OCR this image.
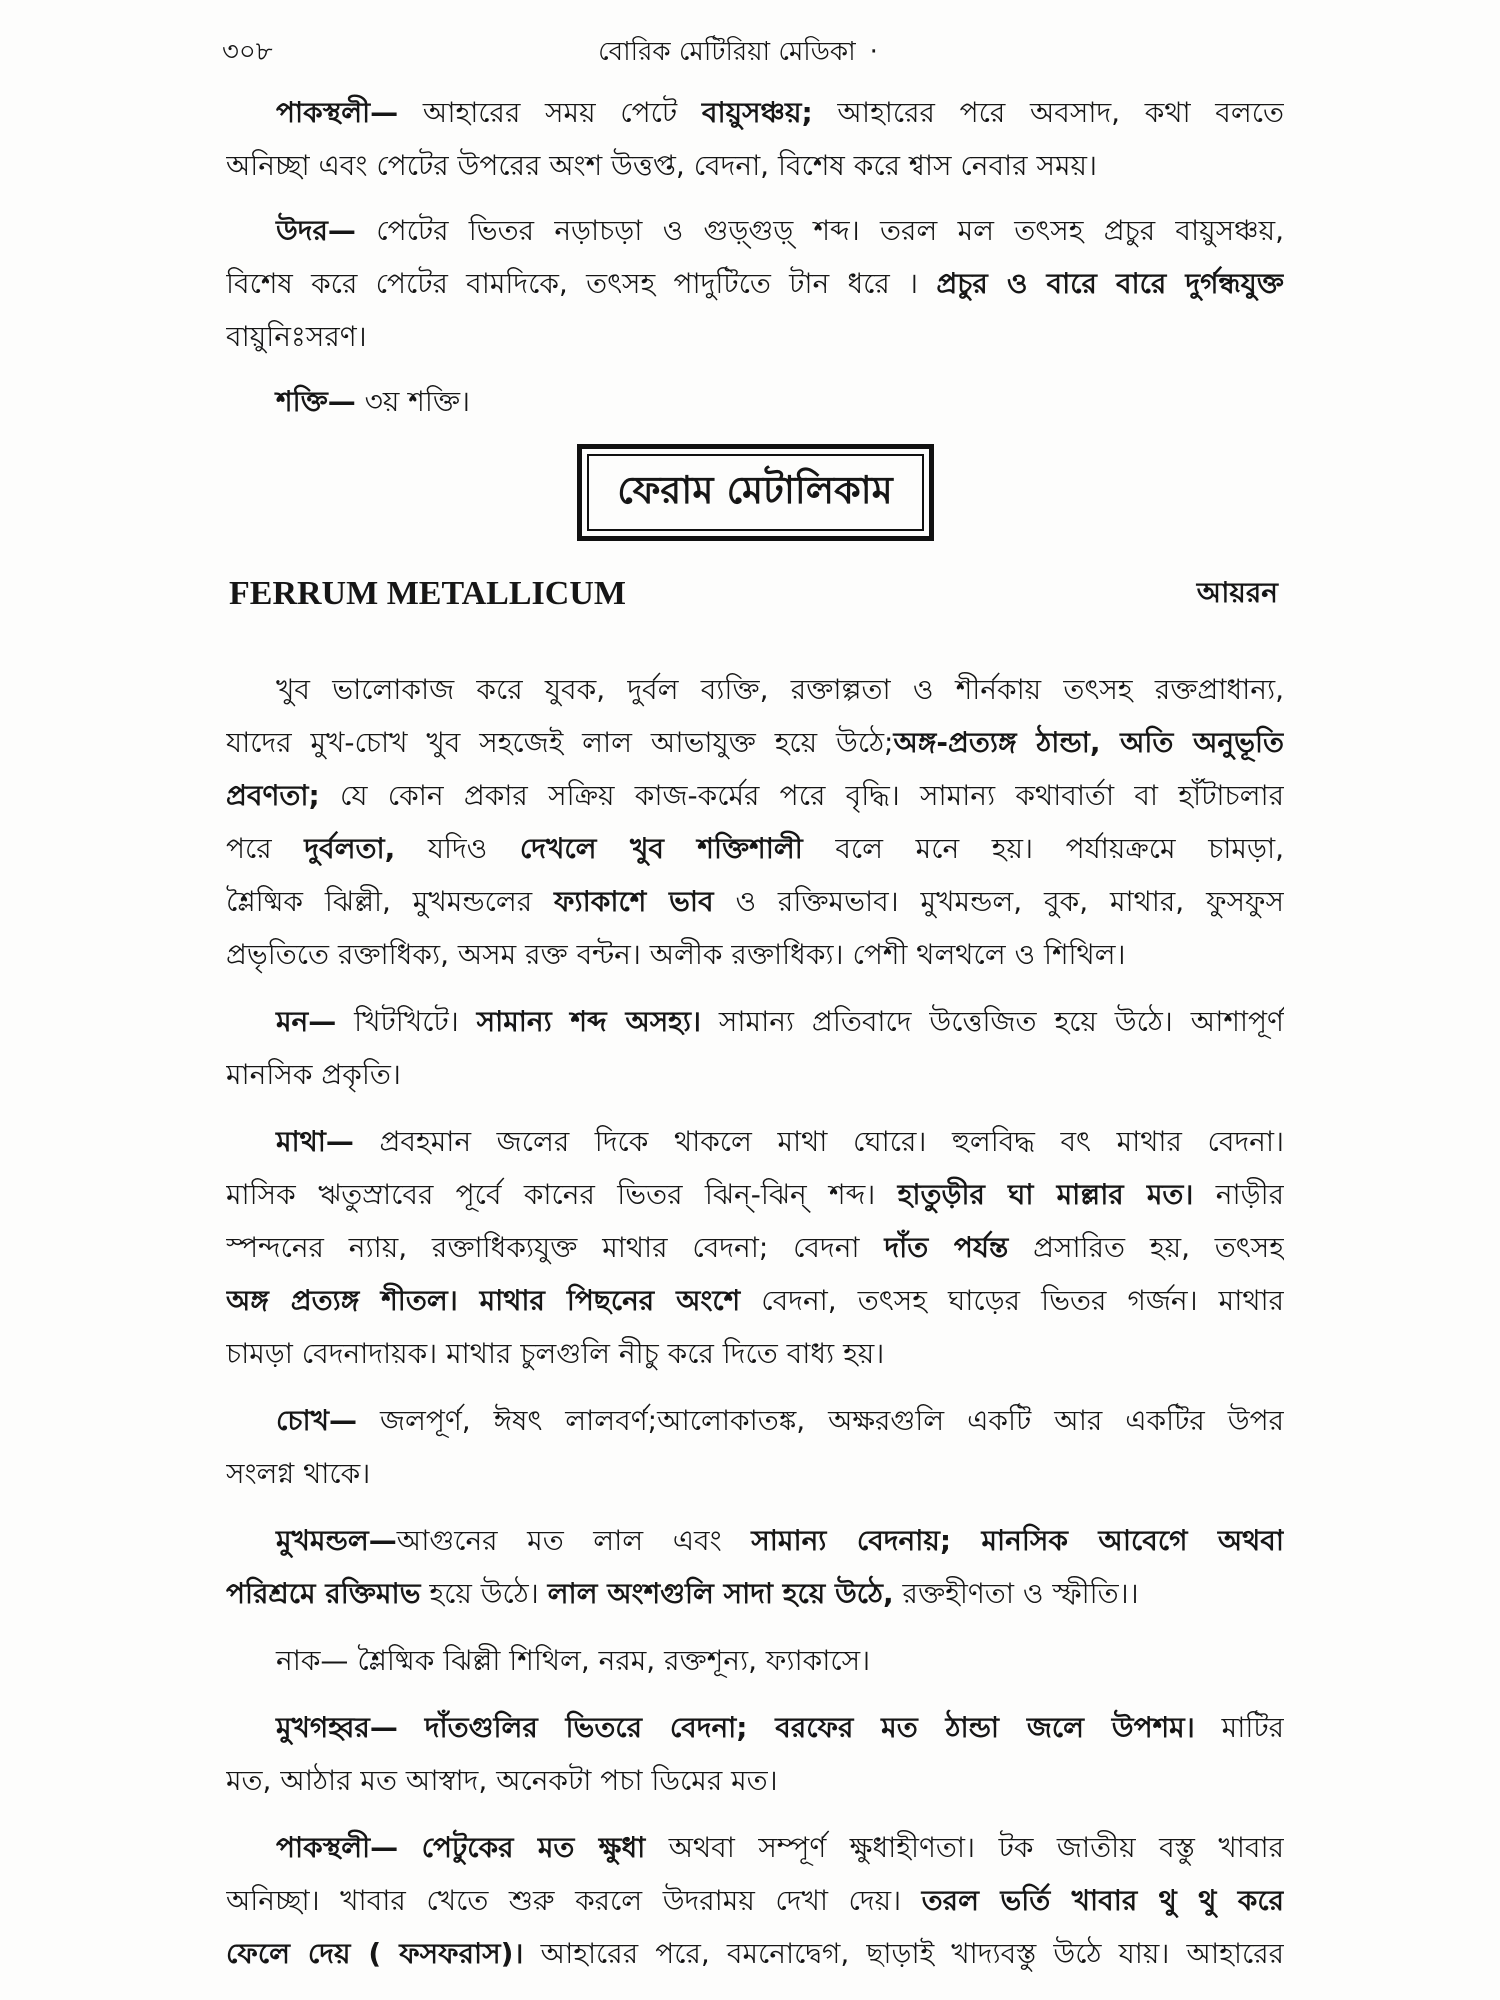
৩০৮	বোরিক মেটিরিয়া মেডিকা ·
পাকস্থলী— আহারের সময় পেটে বায়ুসঞ্চয়; আহারের পরে অবসাদ, কথা বলতে
অনিচ্ছা এবং পেটের উপরের অংশ উত্তপ্ত, বেদনা, বিশেষ করে শ্বাস নেবার সময়।
উদর— পেটের ভিতর নড়াচড়া ও গুড়্গুড়্ শব্দ। তরল মল তৎসহ প্রচুর বায়ুসঞ্চয়,
বিশেষ করে পেটের বামদিকে, তৎসহ পাদুটিতে টান ধরে । প্রচুর ও বারে বারে দুর্গন্ধযুক্ত
বায়ুনিঃসরণ।
শক্তি— ৩য় শক্তি।
ফেরাম মেটালিকাম
FERRUM METALLICUM	আয়রন
খুব ভালোকাজ করে যুবক, দুর্বল ব্যক্তি, রক্তাল্পতা ও শীর্নকায় তৎসহ রক্তপ্রাধান্য,
যাদের মুখ-চোখ খুব সহজেই লাল আভাযুক্ত হয়ে উঠে;অঙ্গ-প্রত্যঙ্গ ঠান্ডা, অতি অনুভূতি
প্রবণতা; যে কোন প্রকার সক্রিয় কাজ-কর্মের পরে বৃদ্ধি। সামান্য কথাবার্তা বা হাঁটাচলার
পরে দুর্বলতা, যদিও দেখলে খুব শক্তিশালী বলে মনে হয়। পর্যায়ক্রমে চামড়া,
শ্লৈষ্মিক ঝিল্লী, মুখমন্ডলের ফ্যাকাশে ভাব ও রক্তিমভাব। মুখমন্ডল, বুক, মাথার, ফুসফুস
প্রভৃতিতে রক্তাধিক্য, অসম রক্ত বন্টন। অলীক রক্তাধিক্য। পেশী থলথলে ও শিথিল।
মন— খিটখিটে। সামান্য শব্দ অসহ্য। সামান্য প্রতিবাদে উত্তেজিত হয়ে উঠে। আশাপূর্ণ
মানসিক প্রকৃতি।
মাথা— প্রবহমান জলের দিকে থাকলে মাথা ঘোরে। হুলবিদ্ধ বৎ মাথার বেদনা।
মাসিক ঋতুস্রাবের পূর্বে কানের ভিতর ঝিন্-ঝিন্ শব্দ। হাতুড়ীর ঘা মাল্লার মত। নাড়ীর
স্পন্দনের ন্যায়, রক্তাধিক্যযুক্ত মাথার বেদনা; বেদনা দাঁত পর্যন্ত প্রসারিত হয়, তৎসহ
অঙ্গ প্রত্যঙ্গ শীতল। মাথার পিছনের অংশে বেদনা, তৎসহ ঘাড়ের ভিতর গর্জন। মাথার
চামড়া বেদনাদায়ক। মাথার চুলগুলি নীচু করে দিতে বাধ্য হয়।
চোখ— জলপূর্ণ, ঈষৎ লালবর্ণ;আলোকাতঙ্ক, অক্ষরগুলি একটি আর একটির উপর
সংলগ্ন থাকে।
মুখমন্ডল—আগুনের মত লাল এবং সামান্য বেদনায়; মানসিক আবেগে অথবা
পরিশ্রমে রক্তিমাভ হয়ে উঠে। লাল অংশগুলি সাদা হয়ে উঠে, রক্তহীণতা ও স্ফীতি।।
নাক— শ্লৈষ্মিক ঝিল্লী শিথিল, নরম, রক্তশূন্য, ফ্যাকাসে।
মুখগহ্বর— দাঁতগুলির ভিতরে বেদনা; বরফের মত ঠান্ডা জলে উপশম। মাটির
মত, আঠার মত আস্বাদ, অনেকটা পচা ডিমের মত।
পাকস্থলী— পেটুকের মত ক্ষুধা অথবা সম্পূর্ণ ক্ষুধাহীণতা। টক জাতীয় বস্তু খাবার
অনিচ্ছা। খাবার খেতে শুরু করলে উদরাময় দেখা দেয়। তরল ভর্তি খাবার থু থু করে
ফেলে দেয় ( ফসফরাস)। আহারের পরে, বমনোদ্বেগ, ছাড়াই খাদ্যবস্তু উঠে যায়। আহারের
